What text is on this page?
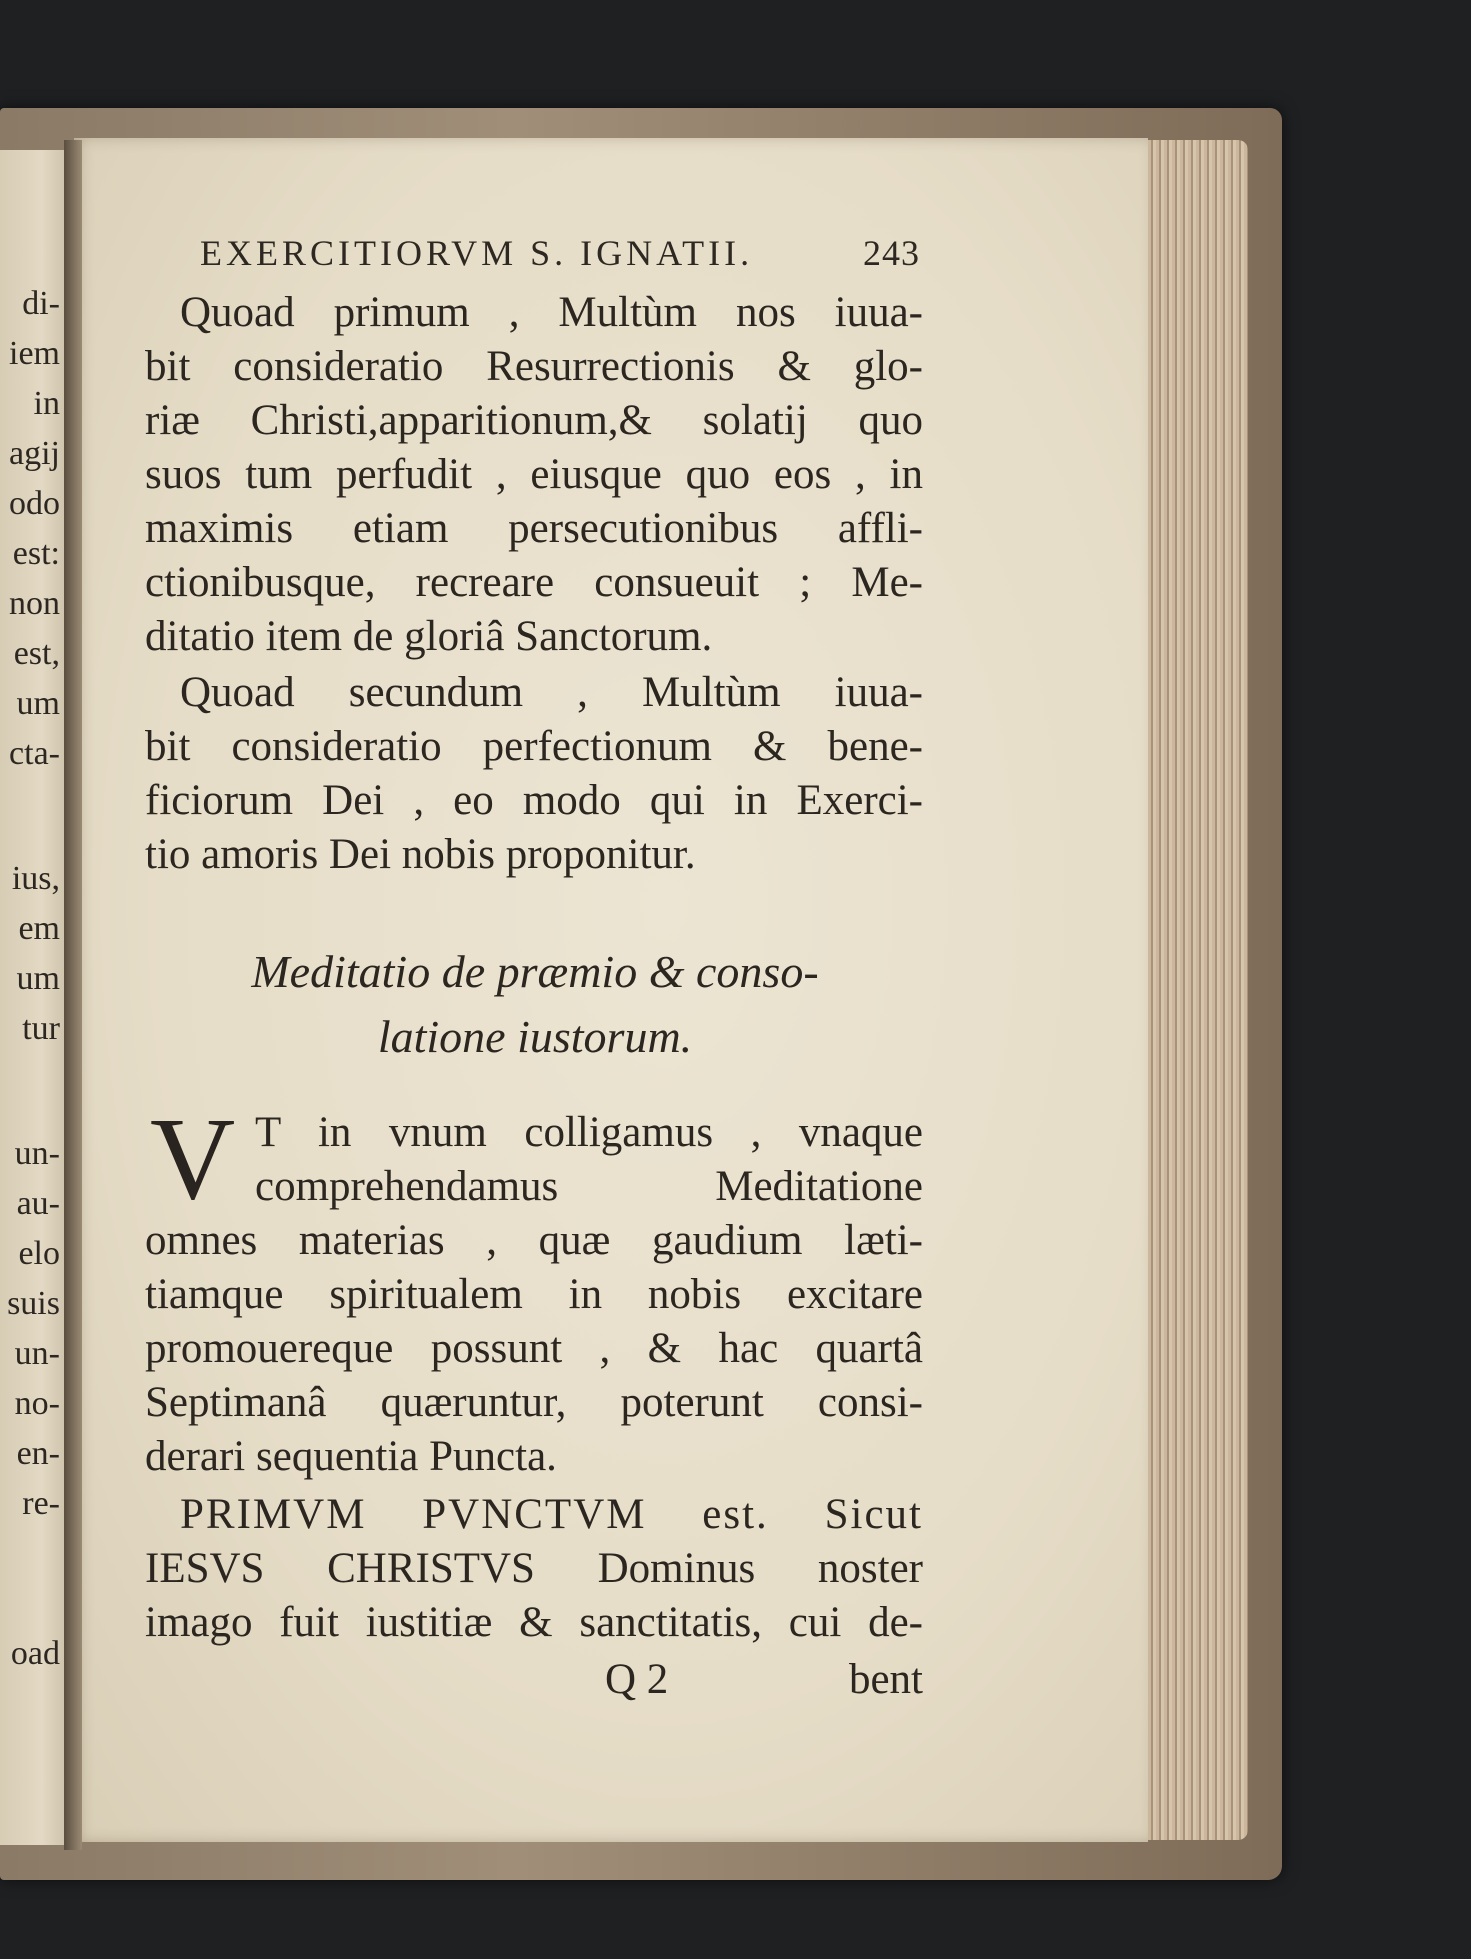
di-
iem
in
agij
odo
est:
non
est,
um
cta-
ius,
em
um
tur
un-
au-
elo
suis
un-
no-
en-
re-
oad
EXERCITIORVM S. IGNATII.	243
Quoad primum , Multùm nos iuua-
bit consideratio Resurrectionis & glo-
riæ Christi,apparitionum,& solatij quo
suos tum perfudit , eiusque quo eos , in
maximis etiam persecutionibus affli-
ctionibusque, recreare consueuit ; Me-
ditatio item de gloriâ Sanctorum.
Quoad secundum , Multùm iuua-
bit consideratio perfectionum & bene-
ficiorum Dei , eo modo qui in Exerci-
tio amoris Dei nobis proponitur.
Meditatio de præmio & conso-
latione iustorum.
V T in vnum colligamus , vnaque
comprehendamus Meditatione
omnes materias , quæ gaudium læti-
tiamque spiritualem in nobis excitare
promouereque possunt , & hac quartâ
Septimanâ quæruntur, poterunt consi-
derari sequentia Puncta.
PRIMVM PVNCTVM est. Sicut
IESVS CHRISTVS Dominus noster
imago fuit iustitiæ & sanctitatis, cui de-
Q 2	bent
